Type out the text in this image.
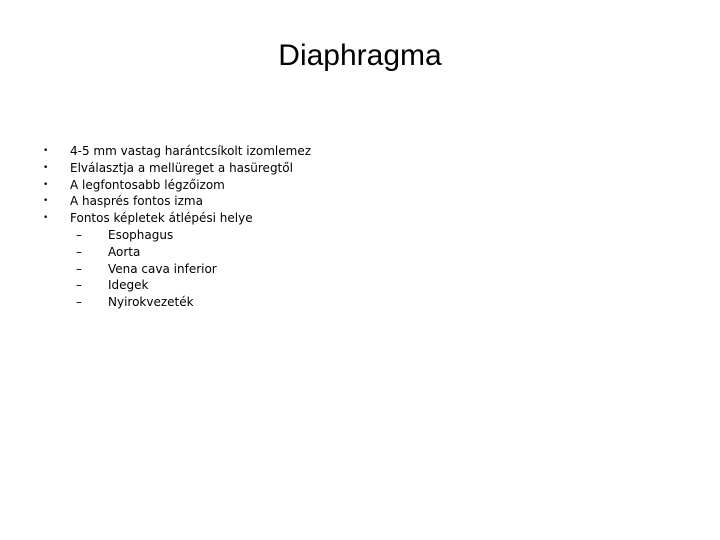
Diaphragma
• 4-5 mm vastag harántcsíkolt izomlemez
• Elválasztja a mellüreget a hasüregtől
• A legfontosabb légzőizom
• A hasprés fontos izma
• Fontos képletek átlépési helye
– Esophagus
– Aorta
– Vena cava inferior
– Idegek
– Nyirokvezeték
